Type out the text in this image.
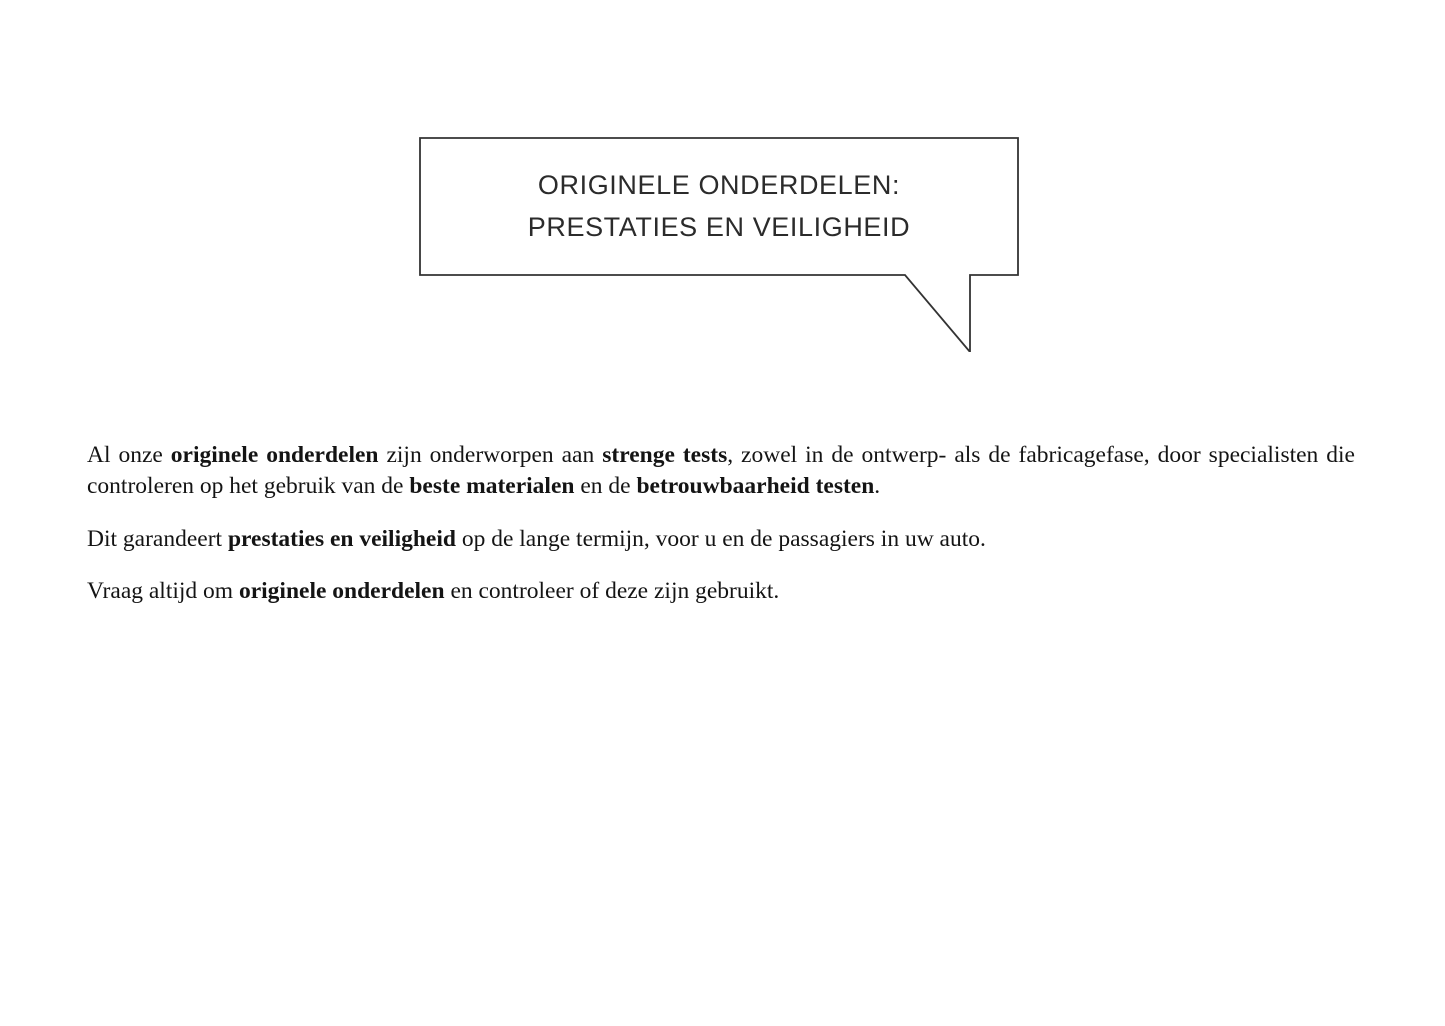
ORIGINELE ONDERDELEN:
PRESTATIES EN VEILIGHEID

Al onze originele onderdelen zijn onderworpen aan strenge tests, zowel in de ontwerp- als de fabricagefase, door specialisten die controleren op het gebruik van de beste materialen en de betrouwbaarheid testen.

Dit garandeert prestaties en veiligheid op de lange termijn, voor u en de passagiers in uw auto.

Vraag altijd om originele onderdelen en controleer of deze zijn gebruikt.
